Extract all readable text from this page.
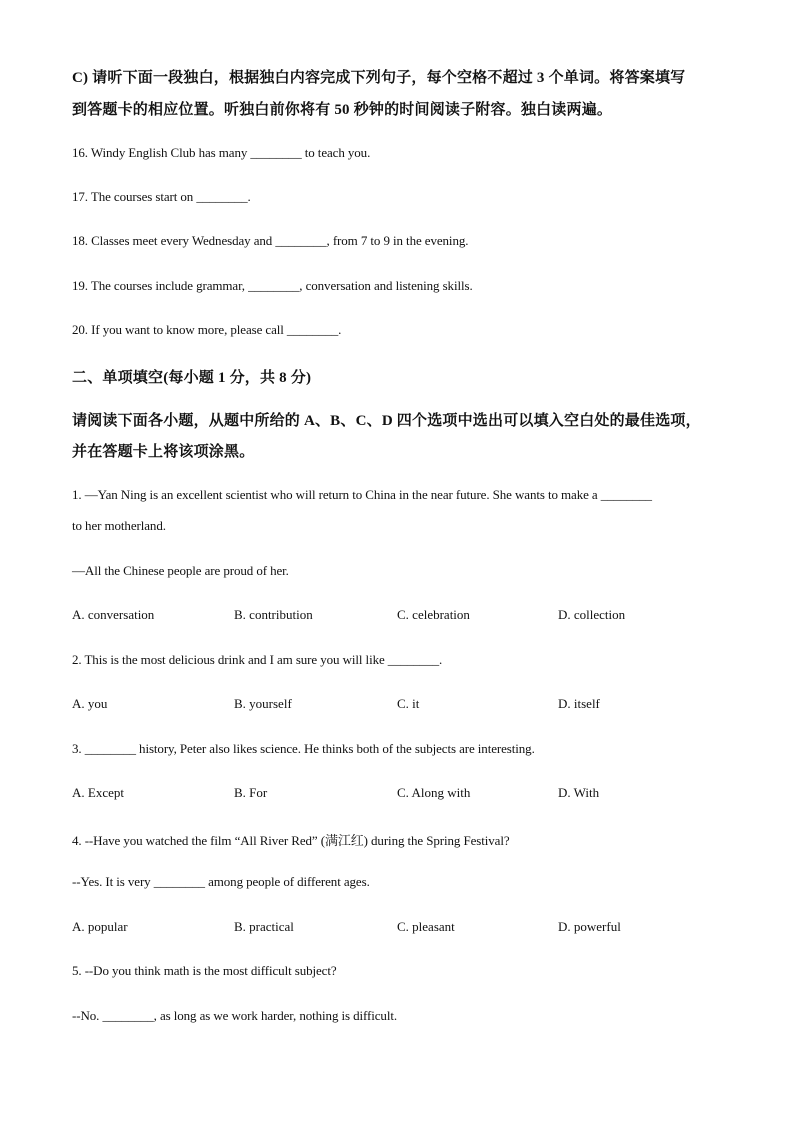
C) 请听下面一段独白，根据独白内容完成下列句子，每个空格不超过 3 个单词。将答案填写
到答题卡的相应位置。听独白前你将有 50 秒钟的时间阅读子附容。独白读两遍。
16. Windy English Club has many ________ to teach you.
17. The courses start on ________.
18. Classes meet every Wednesday and ________, from 7 to 9 in the evening.
19. The courses include grammar, ________, conversation and listening skills.
20. If you want to know more, please call ________.
二、单项填空(每小题 1 分，共 8 分)
请阅读下面各小题，从题中所给的 A、B、C、D 四个选项中选出可以填入空白处的最佳选项，
并在答题卡上将该项涂黑。
1. —Yan Ning is an excellent scientist who will return to China in the near future. She wants to make a ________
to her motherland.
—All the Chinese people are proud of her.
A. conversation	B. contribution	C. celebration	D. collection
2. This is the most delicious drink and I am sure you will like ________.
A. you	B. yourself	C. it	D. itself
3. ________ history, Peter also likes science. He thinks both of the subjects are interesting.
A. Except	B. For	C. Along with	D. With
4. --Have you watched the film “All River Red” (满江红) during the Spring Festival?
--Yes. It is very ________ among people of different ages.
A. popular	B. practical	C. pleasant	D. powerful
5. --Do you think math is the most difficult subject?
--No. ________, as long as we work harder, nothing is difficult.
